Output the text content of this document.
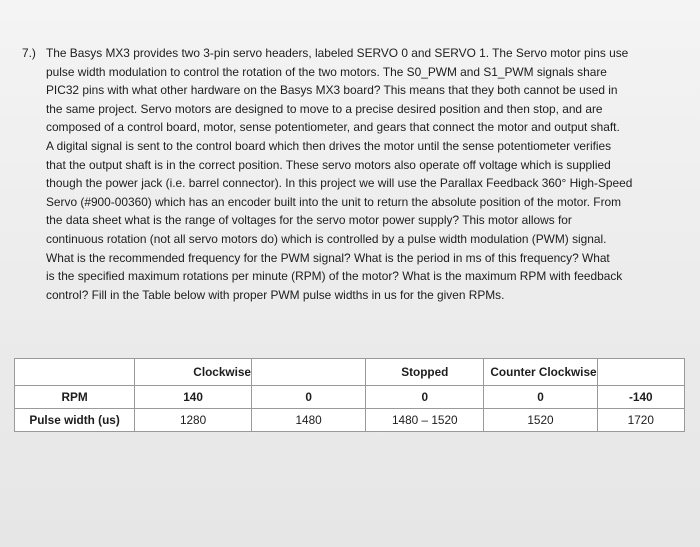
7.) The Basys MX3 provides two 3-pin servo headers, labeled SERVO 0 and SERVO 1. The Servo motor pins use
pulse width modulation to control the rotation of the two motors. The S0_PWM and S1_PWM signals share
PIC32 pins with what other hardware on the Basys MX3 board? This means that they both cannot be used in
the same project. Servo motors are designed to move to a precise desired position and then stop, and are
composed of a control board, motor, sense potentiometer, and gears that connect the motor and output shaft.
A digital signal is sent to the control board which then drives the motor until the sense potentiometer verifies
that the output shaft is in the correct position. These servo motors also operate off voltage which is supplied
though the power jack (i.e. barrel connector). In this project we will use the Parallax Feedback 360° High-Speed
Servo (#900-00360) which has an encoder built into the unit to return the absolute position of the motor. From
the data sheet what is the range of voltages for the servo motor power supply? This motor allows for
continuous rotation (not all servo motors do) which is controlled by a pulse width modulation (PWM) signal.
What is the recommended frequency for the PWM signal? What is the period in ms of this frequency? What
is the specified maximum rotations per minute (RPM) of the motor? What is the maximum RPM with feedback
control? Fill in the Table below with proper PWM pulse widths in us for the given RPMs.
	Clockwise		Stopped	Counter Clockwise	
RPM	140	0	0	0	-140
Pulse width (us)	1280	1480	1480 – 1520	1520	1720
